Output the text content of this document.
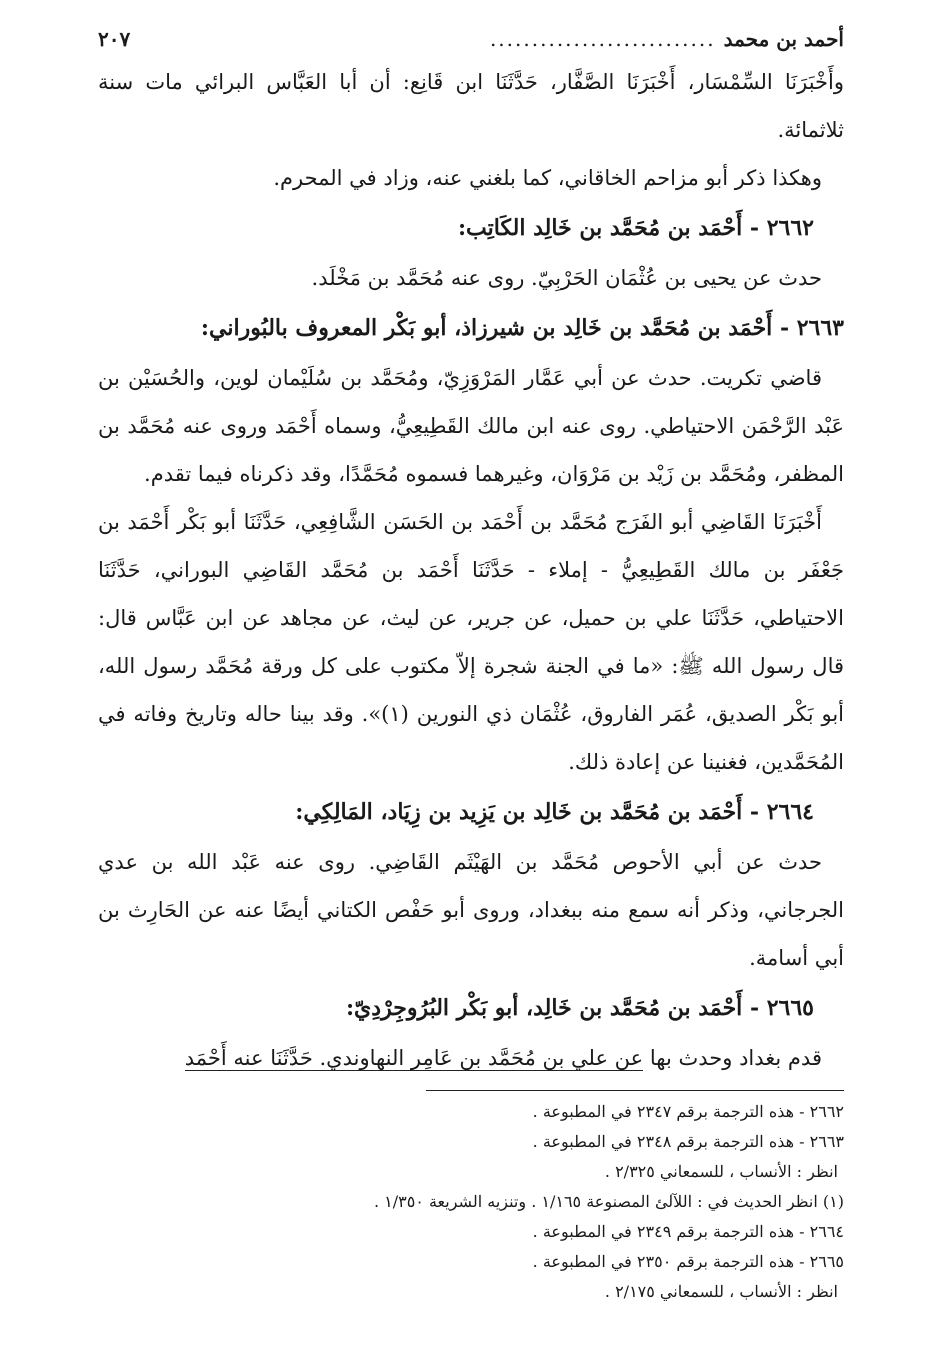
أحمد بن محمد
...........................
٢٠٧

وأَخْبَرَنَا السِّمْسَار، أَخْبَرَنَا الصَّفَّار، حَدَّثَنَا ابن قَانِع: أن أبا العَبَّاس البرائي مات سنة ثلاثمائة.

وهكذا ذكر أبو مزاحم الخاقاني، كما بلغني عنه، وزاد في المحرم.

٢٦٦٢ - أَحْمَد بن مُحَمَّد بن خَالِد الكَاتِب:

حدث عن يحيى بن عُثْمَان الحَرْبِيّ. روى عنه مُحَمَّد بن مَخْلَد.

٢٦٦٣ - أَحْمَد بن مُحَمَّد بن خَالِد بن شيرزاذ، أبو بَكْر المعروف بالبُوراني:

قاضي تكريت. حدث عن أبي عَمَّار المَرْوَزِيّ، ومُحَمَّد بن سُلَيْمان لوين، والحُسَيْن بن عَبْد الرَّحْمَن الاحتياطي. روى عنه ابن مالك القَطِيعِيُّ، وسماه أَحْمَد وروى عنه مُحَمَّد بن المظفر، ومُحَمَّد بن زَيْد بن مَرْوَان، وغيرهما فسموه مُحَمَّدًا، وقد ذكرناه فيما تقدم.

أَخْبَرَنَا القَاضِي أبو الفَرَج مُحَمَّد بن أَحْمَد بن الحَسَن الشَّافِعِي، حَدَّثَنَا أبو بَكْر أَحْمَد بن جَعْفَر بن مالك القَطِيعِيُّ - إملاء - حَدَّثَنَا أَحْمَد بن مُحَمَّد القَاضِي البوراني، حَدَّثَنَا الاحتياطي، حَدَّثَنَا علي بن حميل، عن جرير، عن ليث، عن مجاهد عن ابن عَبَّاس قال: قال رسول الله ﷺ: «ما في الجنة شجرة إلاّ مكتوب على كل ورقة مُحَمَّد رسول الله، أبو بَكْر الصديق، عُمَر الفاروق، عُثْمَان ذي النورين (١)». وقد بينا حاله وتاريخ وفاته في المُحَمَّدين، فغنينا عن إعادة ذلك.

٢٦٦٤ - أَحْمَد بن مُحَمَّد بن خَالِد بن يَزِيد بن زِيَاد، المَالِكِي:

حدث عن أبي الأحوص مُحَمَّد بن الهَيْثَم القَاضِي. روى عنه عَبْد الله بن عدي الجرجاني، وذكر أنه سمع منه ببغداد، وروى أبو حَفْص الكتاني أيضًا عنه عن الحَارِث بن أبي أسامة.

٢٦٦٥ - أَحْمَد بن مُحَمَّد بن خَالِد، أبو بَكْر البُرُوجِرْدِيّ:

قدم بغداد وحدث بها عن علي بن مُحَمَّد بن عَامِر النهاوندي. حَدَّثَنَا عنه أَحْمَد

٢٦٦٢ - هذه الترجمة برقم ٢٣٤٧ في المطبوعة .

٢٦٦٣ - هذه الترجمة برقم ٢٣٤٨ في المطبوعة .

انظر : الأنساب ، للسمعاني ٢/٣٢٥ .

(١) انظر الحديث في : اللآلئ المصنوعة ١/١٦٥ . وتنزيه الشريعة ١/٣٥٠ .

٢٦٦٤ - هذه الترجمة برقم ٢٣٤٩ في المطبوعة .

٢٦٦٥ - هذه الترجمة برقم ٢٣٥٠ في المطبوعة .

انظر : الأنساب ، للسمعاني ٢/١٧٥ .
